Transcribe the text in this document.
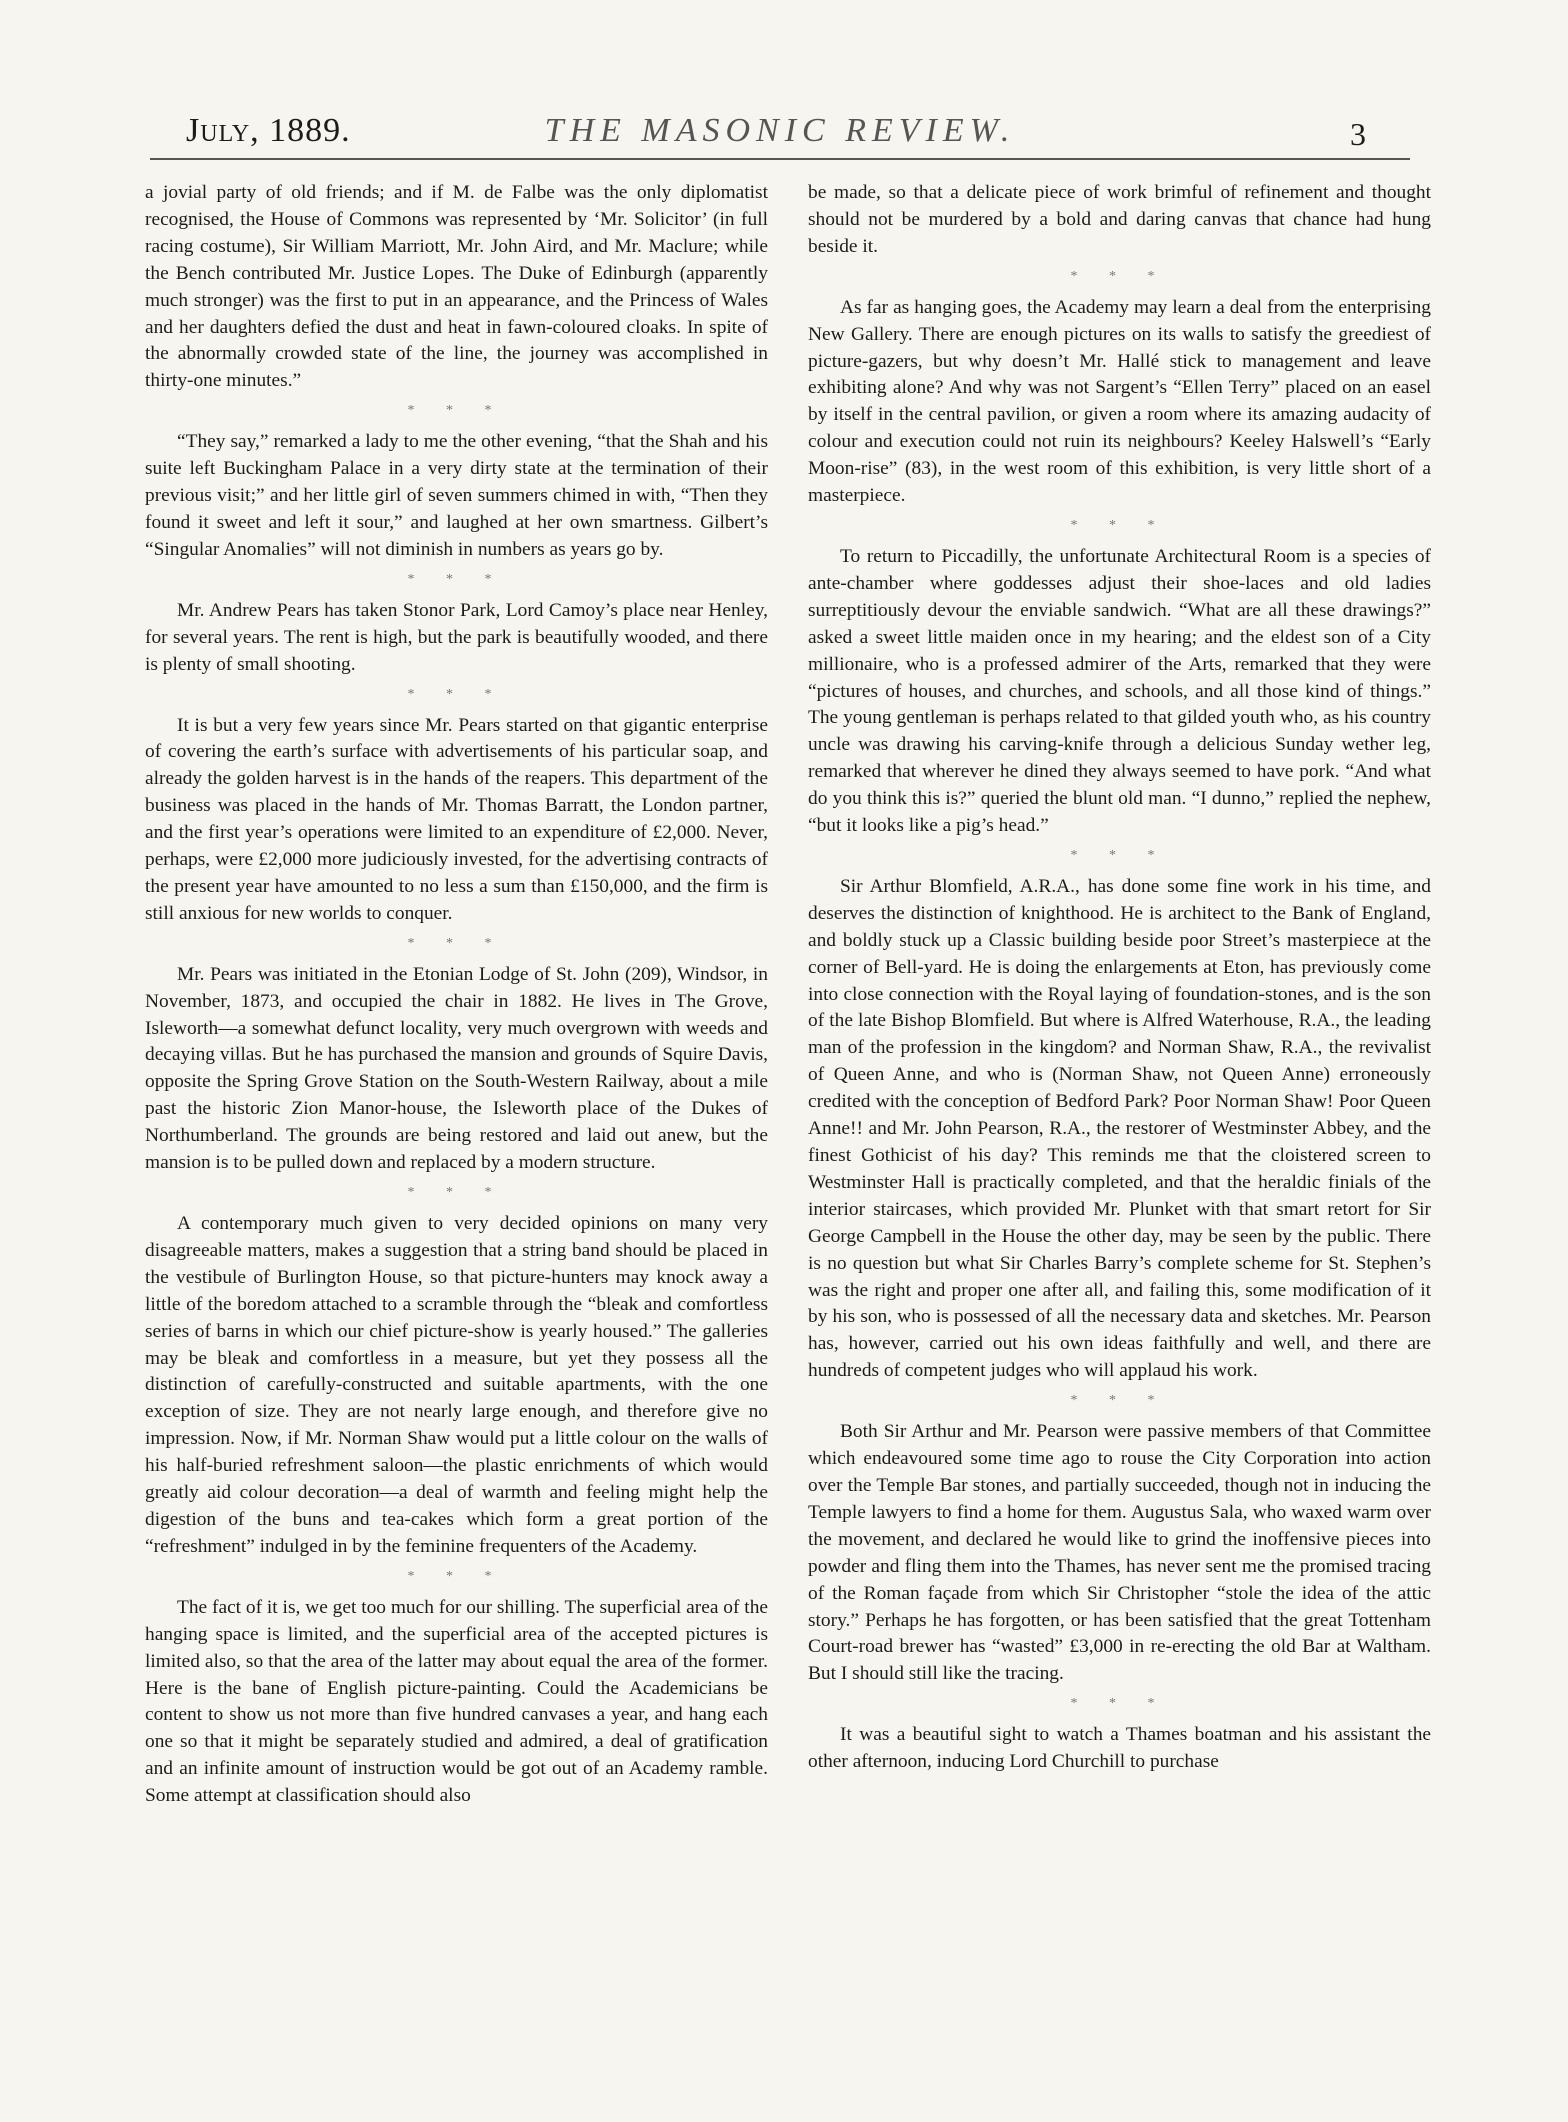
July, 1889.	THE MASONIC REVIEW.	3

a jovial party of old friends; and if M. de Falbe was the only diplomatist recognised, the House of Commons was represented by ‘Mr. Solicitor’ (in full racing costume), Sir William Marriott, Mr. John Aird, and Mr. Maclure; while the Bench contributed Mr. Justice Lopes. The Duke of Edinburgh (apparently much stronger) was the first to put in an appearance, and the Princess of Wales and her daughters defied the dust and heat in fawn-coloured cloaks. In spite of the abnormally crowded state of the line, the journey was accomplished in thirty-one minutes.”

* * *

“They say,” remarked a lady to me the other evening, “that the Shah and his suite left Buckingham Palace in a very dirty state at the termination of their previous visit;” and her little girl of seven summers chimed in with, “Then they found it sweet and left it sour,” and laughed at her own smartness. Gilbert’s “Singular Anomalies” will not diminish in numbers as years go by.

* * *

Mr. Andrew Pears has taken Stonor Park, Lord Camoy’s place near Henley, for several years. The rent is high, but the park is beautifully wooded, and there is plenty of small shooting.

* * *

It is but a very few years since Mr. Pears started on that gigantic enterprise of covering the earth’s surface with advertisements of his particular soap, and already the golden harvest is in the hands of the reapers. This department of the business was placed in the hands of Mr. Thomas Barratt, the London partner, and the first year’s operations were limited to an expenditure of £2,000. Never, perhaps, were £2,000 more judiciously invested, for the advertising contracts of the present year have amounted to no less a sum than £150,000, and the firm is still anxious for new worlds to conquer.

* * *

Mr. Pears was initiated in the Etonian Lodge of St. John (209), Windsor, in November, 1873, and occupied the chair in 1882. He lives in The Grove, Isleworth—a somewhat defunct locality, very much overgrown with weeds and decaying villas. But he has purchased the mansion and grounds of Squire Davis, opposite the Spring Grove Station on the South-Western Railway, about a mile past the historic Zion Manor-house, the Isleworth place of the Dukes of Northumberland. The grounds are being restored and laid out anew, but the mansion is to be pulled down and replaced by a modern structure.

* * *

A contemporary much given to very decided opinions on many very disagreeable matters, makes a suggestion that a string band should be placed in the vestibule of Burlington House, so that picture-hunters may knock away a little of the boredom attached to a scramble through the “bleak and comfortless series of barns in which our chief picture-show is yearly housed.” The galleries may be bleak and comfortless in a measure, but yet they possess all the distinction of carefully-constructed and suitable apartments, with the one exception of size. They are not nearly large enough, and therefore give no impression. Now, if Mr. Norman Shaw would put a little colour on the walls of his half-buried refreshment saloon—the plastic enrichments of which would greatly aid colour decoration—a deal of warmth and feeling might help the digestion of the buns and tea-cakes which form a great portion of the “refreshment” indulged in by the feminine frequenters of the Academy.

* * *

The fact of it is, we get too much for our shilling. The superficial area of the hanging space is limited, and the superficial area of the accepted pictures is limited also, so that the area of the latter may about equal the area of the former. Here is the bane of English picture-painting. Could the Academicians be content to show us not more than five hundred canvases a year, and hang each one so that it might be separately studied and admired, a deal of gratification and an infinite amount of instruction would be got out of an Academy ramble. Some attempt at classification should also

be made, so that a delicate piece of work brimful of refinement and thought should not be murdered by a bold and daring canvas that chance had hung beside it.

* * *

As far as hanging goes, the Academy may learn a deal from the enterprising New Gallery. There are enough pictures on its walls to satisfy the greediest of picture-gazers, but why doesn’t Mr. Hallé stick to management and leave exhibiting alone? And why was not Sargent’s “Ellen Terry” placed on an easel by itself in the central pavilion, or given a room where its amazing audacity of colour and execution could not ruin its neighbours? Keeley Halswell’s “Early Moon-rise” (83), in the west room of this exhibition, is very little short of a masterpiece.

* * *

To return to Piccadilly, the unfortunate Architectural Room is a species of ante-chamber where goddesses adjust their shoe-laces and old ladies surreptitiously devour the enviable sandwich. “What are all these drawings?” asked a sweet little maiden once in my hearing; and the eldest son of a City millionaire, who is a professed admirer of the Arts, remarked that they were “pictures of houses, and churches, and schools, and all those kind of things.” The young gentleman is perhaps related to that gilded youth who, as his country uncle was drawing his carving-knife through a delicious Sunday wether leg, remarked that wherever he dined they always seemed to have pork. “And what do you think this is?” queried the blunt old man. “I dunno,” replied the nephew, “but it looks like a pig’s head.”

* * *

Sir Arthur Blomfield, A.R.A., has done some fine work in his time, and deserves the distinction of knighthood. He is architect to the Bank of England, and boldly stuck up a Classic building beside poor Street’s masterpiece at the corner of Bell-yard. He is doing the enlargements at Eton, has previously come into close connection with the Royal laying of foundation-stones, and is the son of the late Bishop Blomfield. But where is Alfred Waterhouse, R.A., the leading man of the profession in the kingdom? and Norman Shaw, R.A., the revivalist of Queen Anne, and who is (Norman Shaw, not Queen Anne) erroneously credited with the conception of Bedford Park? Poor Norman Shaw! Poor Queen Anne!! and Mr. John Pearson, R.A., the restorer of Westminster Abbey, and the finest Gothicist of his day? This reminds me that the cloistered screen to Westminster Hall is practically completed, and that the heraldic finials of the interior staircases, which provided Mr. Plunket with that smart retort for Sir George Campbell in the House the other day, may be seen by the public. There is no question but what Sir Charles Barry’s complete scheme for St. Stephen’s was the right and proper one after all, and failing this, some modification of it by his son, who is possessed of all the necessary data and sketches. Mr. Pearson has, however, carried out his own ideas faithfully and well, and there are hundreds of competent judges who will applaud his work.

* * *

Both Sir Arthur and Mr. Pearson were passive members of that Committee which endeavoured some time ago to rouse the City Corporation into action over the Temple Bar stones, and partially succeeded, though not in inducing the Temple lawyers to find a home for them. Augustus Sala, who waxed warm over the movement, and declared he would like to grind the inoffensive pieces into powder and fling them into the Thames, has never sent me the promised tracing of the Roman façade from which Sir Christopher “stole the idea of the attic story.” Perhaps he has forgotten, or has been satisfied that the great Tottenham Court-road brewer has “wasted” £3,000 in re-erecting the old Bar at Waltham. But I should still like the tracing.

* * *

It was a beautiful sight to watch a Thames boatman and his assistant the other afternoon, inducing Lord Churchill to purchase
